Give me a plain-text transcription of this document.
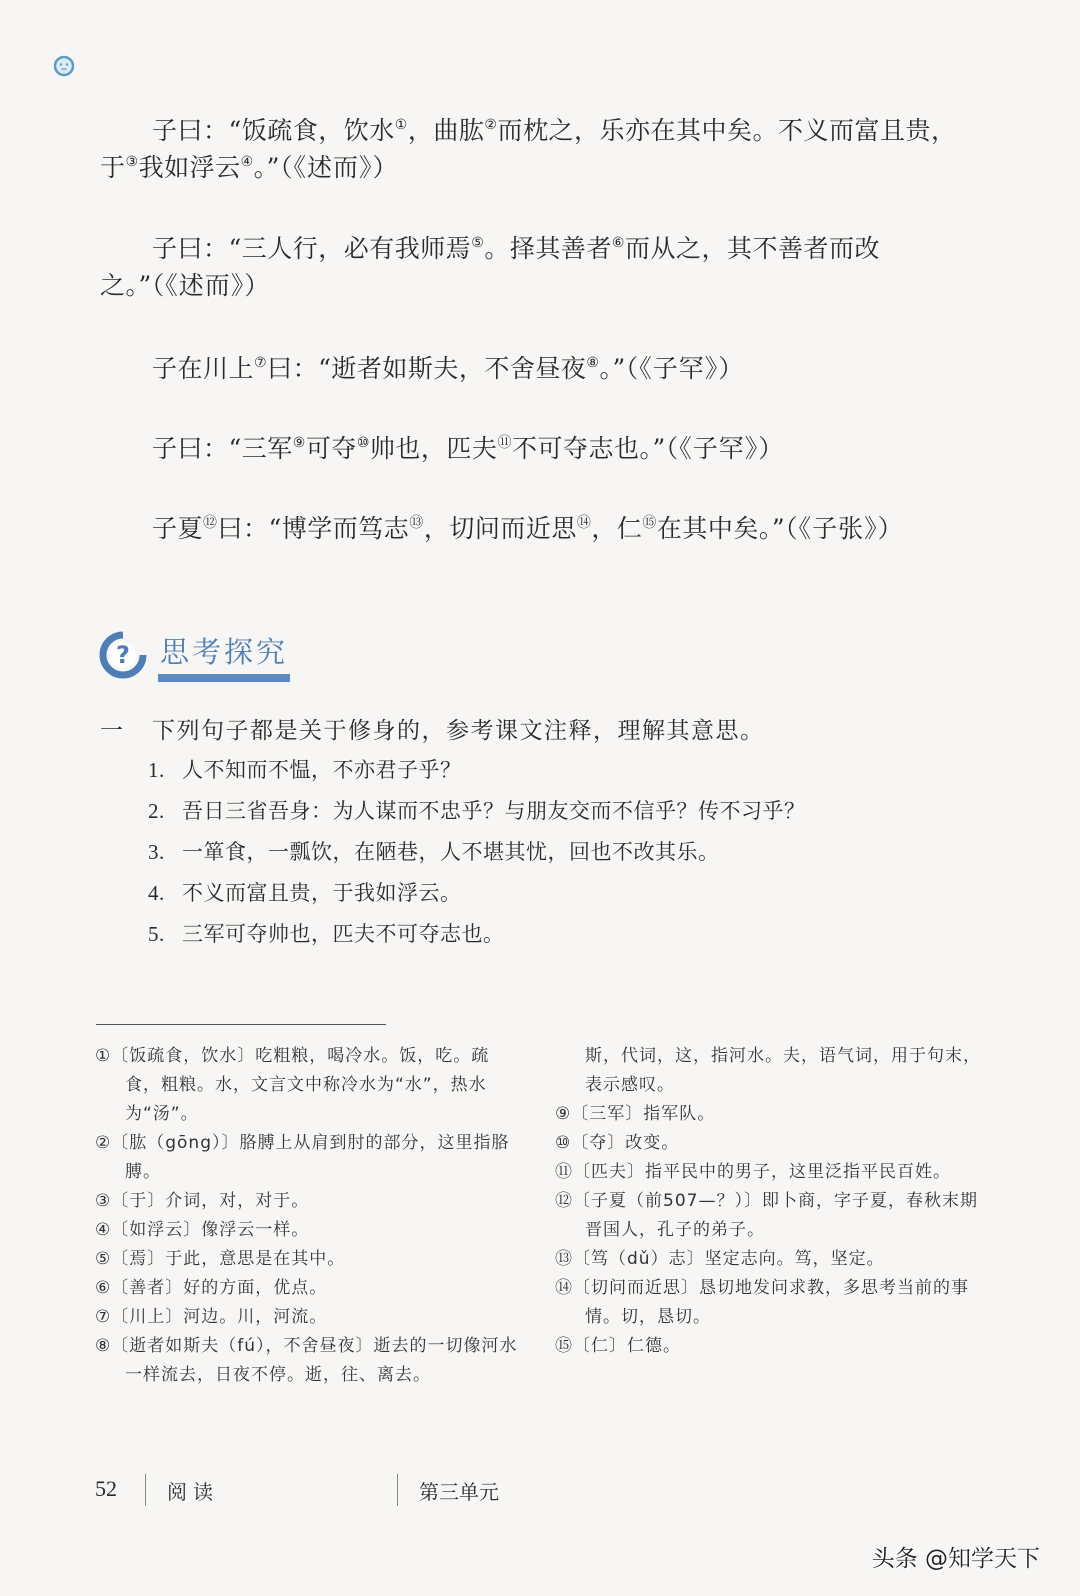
子曰：“饭疏食，饮水①，曲肱②而枕之，乐亦在其中矣。不义而富且贵，于③我如浮云④。”（《述而》）
子曰：“三人行，必有我师焉⑤。择其善者⑥而从之，其不善者而改之。”（《述而》）
子在川上⑦曰：“逝者如斯夫，不舍昼夜⑧。”（《子罕》）
子曰：“三军⑨可夺⑩帅也，匹夫⑪不可夺志也。”（《子罕》）
子夏⑫曰：“博学而笃志⑬，切问而近思⑭，仁⑮在其中矣。”（《子张》）
? 思考探究
一 下列句子都是关于修身的，参考课文注释，理解其意思。
1. 人不知而不愠，不亦君子乎？
2. 吾日三省吾身：为人谋而不忠乎？与朋友交而不信乎？传不习乎？
3. 一箪食，一瓢饮，在陋巷，人不堪其忧，回也不改其乐。
4. 不义而富且贵，于我如浮云。
5. 三军可夺帅也，匹夫不可夺志也。
①〔饭疏食，饮水〕吃粗粮，喝冷水。饭，吃。疏食，粗粮。水，文言文中称冷水为“水”，热水为“汤”。
②〔肱（gōng）〕胳膊上从肩到肘的部分，这里指胳膊。
③〔于〕介词，对，对于。
④〔如浮云〕像浮云一样。
⑤〔焉〕于此，意思是在其中。
⑥〔善者〕好的方面，优点。
⑦〔川上〕河边。川，河流。
⑧〔逝者如斯夫（fú），不舍昼夜〕逝去的一切像河水一样流去，日夜不停。逝，往、离去。
斯，代词，这，指河水。夫，语气词，用于句末，表示感叹。
⑨〔三军〕指军队。
⑩〔夺〕改变。
⑪〔匹夫〕指平民中的男子，这里泛指平民百姓。
⑫〔子夏（前507—？）〕即卜商，字子夏，春秋末期晋国人，孔子的弟子。
⑬〔笃（dǔ）志〕坚定志向。笃，坚定。
⑭〔切问而近思〕恳切地发问求教，多思考当前的事情。切，恳切。
⑮〔仁〕仁德。
52	阅读	第三单元
头条 @知学天下
